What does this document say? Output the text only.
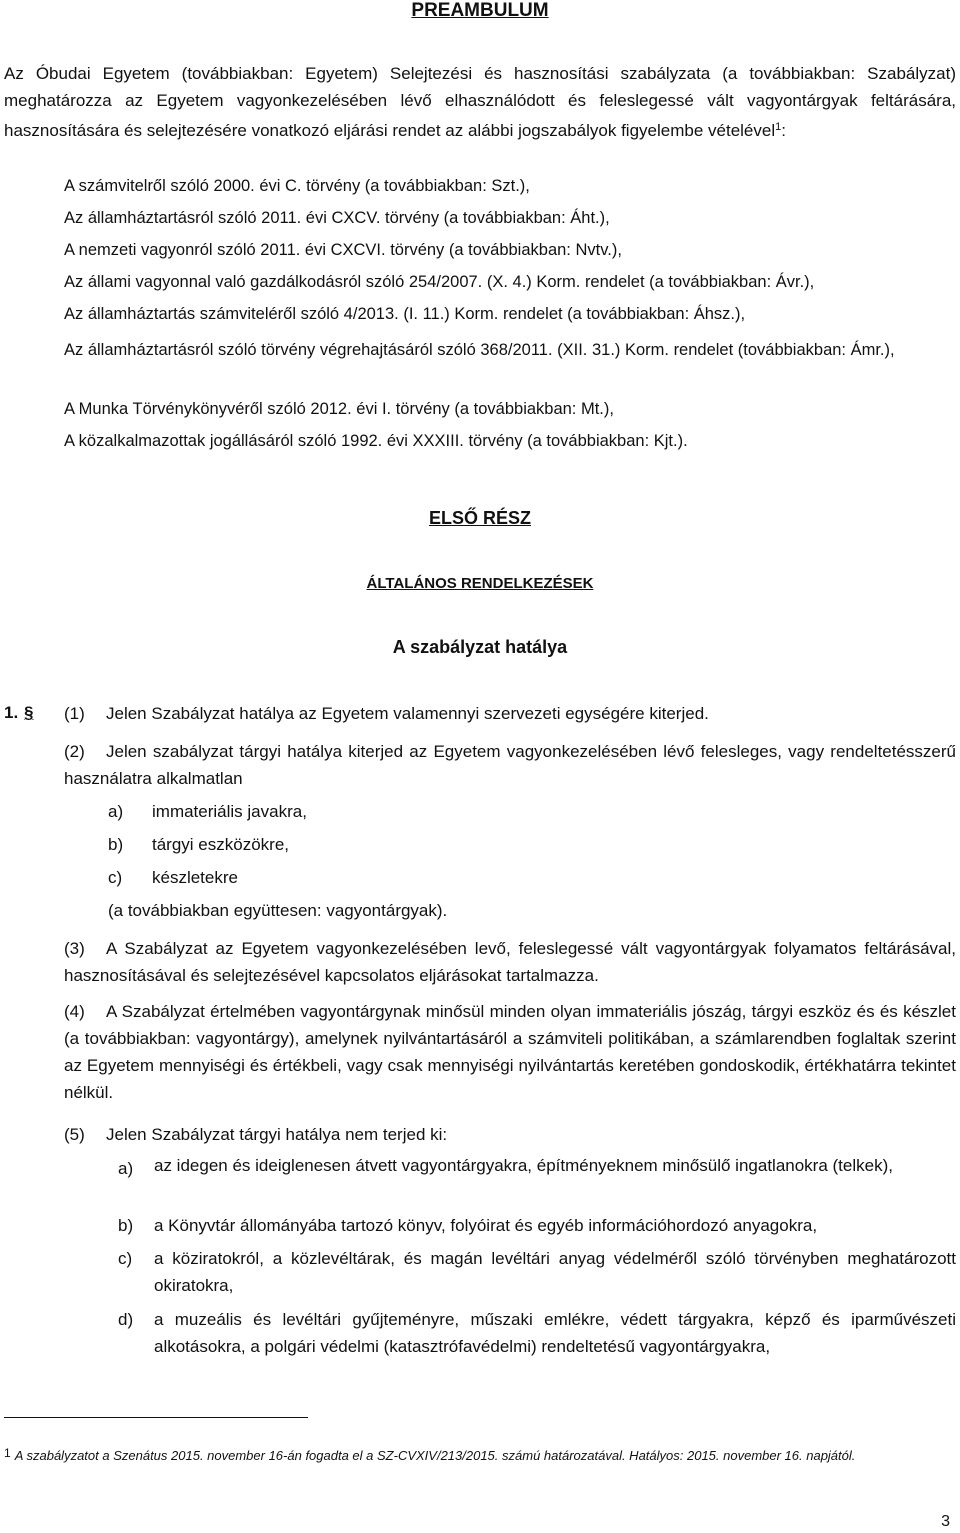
PREAMBULUM

Az Óbudai Egyetem (továbbiakban: Egyetem) Selejtezési és hasznosítási szabályzata (a továbbiakban: Szabályzat) meghatározza az Egyetem vagyonkezelésében lévő elhasználódott és feleslegessé vált vagyontárgyak feltárására, hasznosítására és selejtezésére vonatkozó eljárási rendet az alábbi jogszabályok figyelembe vételével$^1$:

A számvitelről szóló 2000. évi C. törvény (a továbbiakban: Szt.),
Az államháztartásról szóló 2011. évi CXCV. törvény (a továbbiakban: Áht.),
A nemzeti vagyonról szóló 2011. évi CXCVI. törvény (a továbbiakban: Nvtv.),
Az állami vagyonnal való gazdálkodásról szóló 254/2007. (X. 4.) Korm. rendelet (a továbbiakban: Ávr.),
Az államháztartás számviteléről szóló 4/2013. (I. 11.) Korm. rendelet (a továbbiakban: Áhsz.),
Az államháztartásról szóló törvény végrehajtásáról szóló 368/2011. (XII. 31.) Korm. rendelet (továbbiakban: Ámr.),
A Munka Törvénykönyvéről szóló 2012. évi I. törvény (a továbbiakban: Mt.),
A közalkalmazottak jogállásáról szóló 1992. évi XXXIII. törvény (a továbbiakban: Kjt.).
ELSŐ RÉSZ
ÁLTALÁNOS RENDELKEZÉSEK
A szabályzat hatálya
1. § (1) Jelen Szabályzat hatálya az Egyetem valamennyi szervezeti egységére kiterjed.

(2) Jelen szabályzat tárgyi hatálya kiterjed az Egyetem vagyonkezelésében lévő felesleges, vagy rendeltetésszerű használatra alkalmatlan

a) immateriális javakra,
b) tárgyi eszközökre,
c) készletekre
(a továbbiakban együttesen: vagyontárgyak).

(3) A Szabályzat az Egyetem vagyonkezelésében levő, feleslegessé vált vagyontárgyak folyamatos feltárásával, hasznosításával és selejtezésével kapcsolatos eljárásokat tartalmazza.

(4) A Szabályzat értelmében vagyontárgynak minősül minden olyan immateriális jószág, tárgyi eszköz és és készlet (a továbbiakban: vagyontárgy), amelynek nyilvántartásáról a számviteli politikában, a számlarendben foglaltak szerint az Egyetem mennyiségi és értékbeli, vagy csak mennyiségi nyilvántartás keretében gondoskodik, értékhatárra tekintet nélkül.

(5) Jelen Szabályzat tárgyi hatálya nem terjed ki:
a) az idegen és ideiglenesen átvett vagyontárgyakra, építményeknem minősülő ingatlanokra (telkek),
b) a Könyvtár állományába tartozó könyv, folyóirat és egyéb információhordozó anyagokra,
c) a köziratokról, a közlevéltárak, és magán levéltári anyag védelméről szóló törvényben meghatározott okiratokra,
d) a muzeális és levéltári gyűjteményre, műszaki emlékre, védett tárgyakra, képző és iparművészeti alkotásokra, a polgári védelmi (katasztrófavédelmi) rendeltetésű vagyontárgyakra,
$^1$ A szabályzatot a Szenátus 2015. november 16-án fogadta el a SZ-CVXIV/213/2015. számú határozatával. Hatályos: 2015. november 16. napjától.
3
